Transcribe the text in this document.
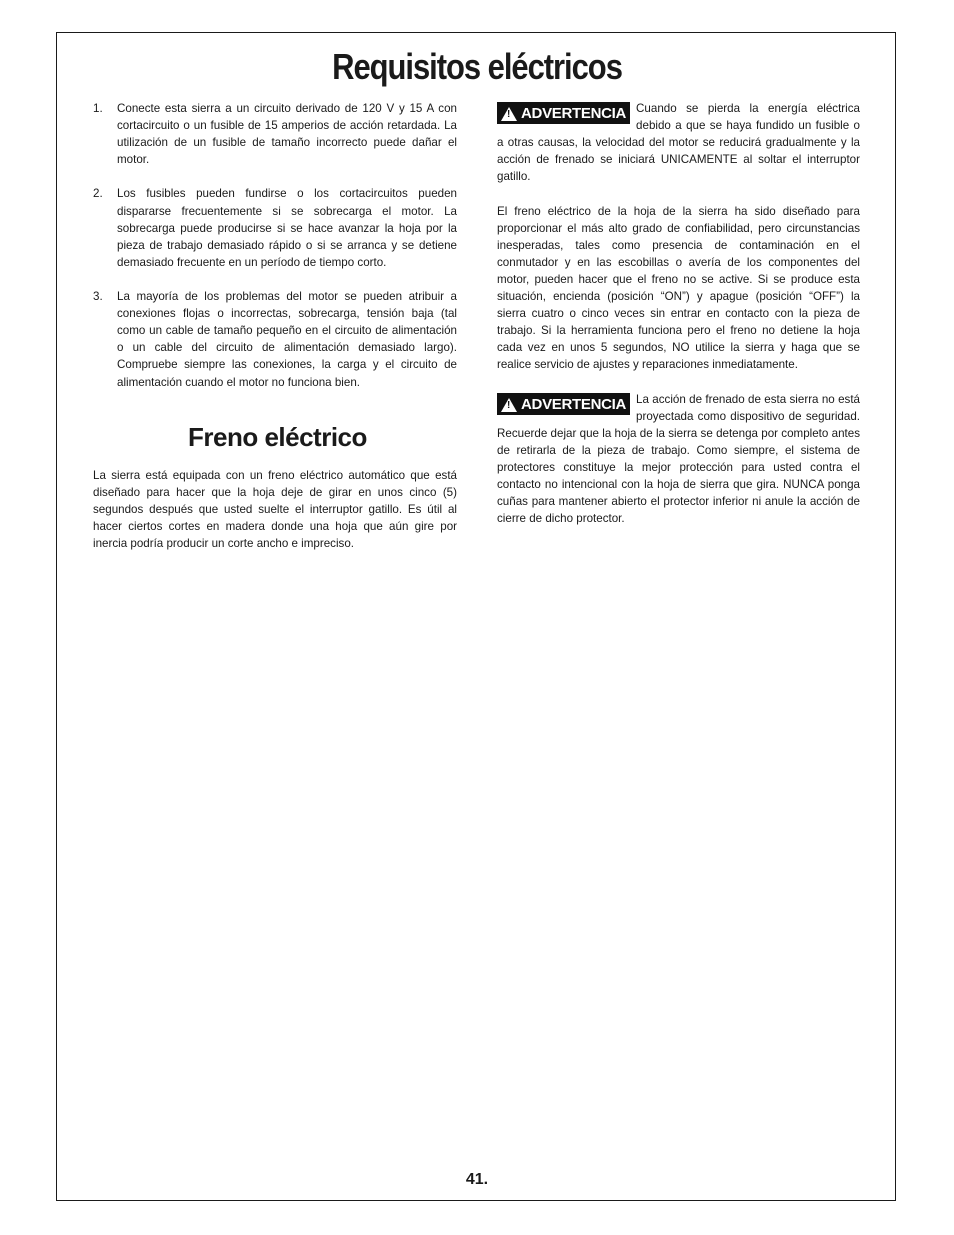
Requisitos eléctricos
1.	Conecte esta sierra a un circuito derivado de 120 V y 15 A con cortacircuito o un fusible de 15 amperios de acción retardada. La utilización de un fusible de tamaño incorrecto puede dañar el motor.
2.	Los fusibles pueden fundirse o los cortacircuitos pueden dispararse frecuentemente si se sobrecarga el motor. La sobrecarga puede producirse si se hace avanzar la hoja por la pieza de trabajo demasiado rápido o si se arranca y se detiene demasiado frecuente en un período de tiempo corto.
3.	La mayoría de los problemas del motor se pueden atribuir a conexiones flojas o incorrectas, sobrecarga, tensión baja (tal como un cable de tamaño pequeño en el circuito de alimentación o un cable del circuito de alimentación demasiado largo). Compruebe siempre las conexiones, la carga y el circuito de alimentación cuando el motor no funciona bien.
Freno eléctrico

La sierra está equipada con un freno eléctrico automático que está diseñado para hacer que la hoja deje de girar en unos cinco (5) segundos después que usted suelte el interruptor gatillo. Es útil al hacer ciertos cortes en madera donde una hoja que aún gire por inercia podría producir un corte ancho e impreciso.

!
ADVERTENCIA Cuando se pierda la energía eléctrica debido a que se haya fundido un fusible o a otras causas, la velocidad del motor se reducirá gradualmente y la acción de frenado se iniciará UNICAMENTE al soltar el interruptor gatillo.

El freno eléctrico de la hoja de la sierra ha sido diseñado para proporcionar el más alto grado de confiabilidad, pero circunstancias inesperadas, tales como presencia de contaminación en el conmutador y en las escobillas o avería de los componentes del motor, pueden hacer que el freno no se active. Si se produce esta situación, encienda (posición “ON”) y apague (posición “OFF”) la sierra cuatro o cinco veces sin entrar en contacto con la pieza de trabajo. Si la herramienta funciona pero el freno no detiene la hoja cada vez en unos 5 segundos, NO utilice la sierra y haga que se realice servicio de ajustes y reparaciones inmediatamente.

!
ADVERTENCIA La acción de frenado de esta sierra no está proyectada como dispositivo de seguridad. Recuerde dejar que la hoja de la sierra se detenga por completo antes de retirarla de la pieza de trabajo. Como siempre, el sistema de protectores constituye la mejor protección para usted contra el contacto no intencional con la hoja de sierra que gira. NUNCA ponga cuñas para mantener abierto el protector inferior ni anule la acción de cierre de dicho protector.
41.
